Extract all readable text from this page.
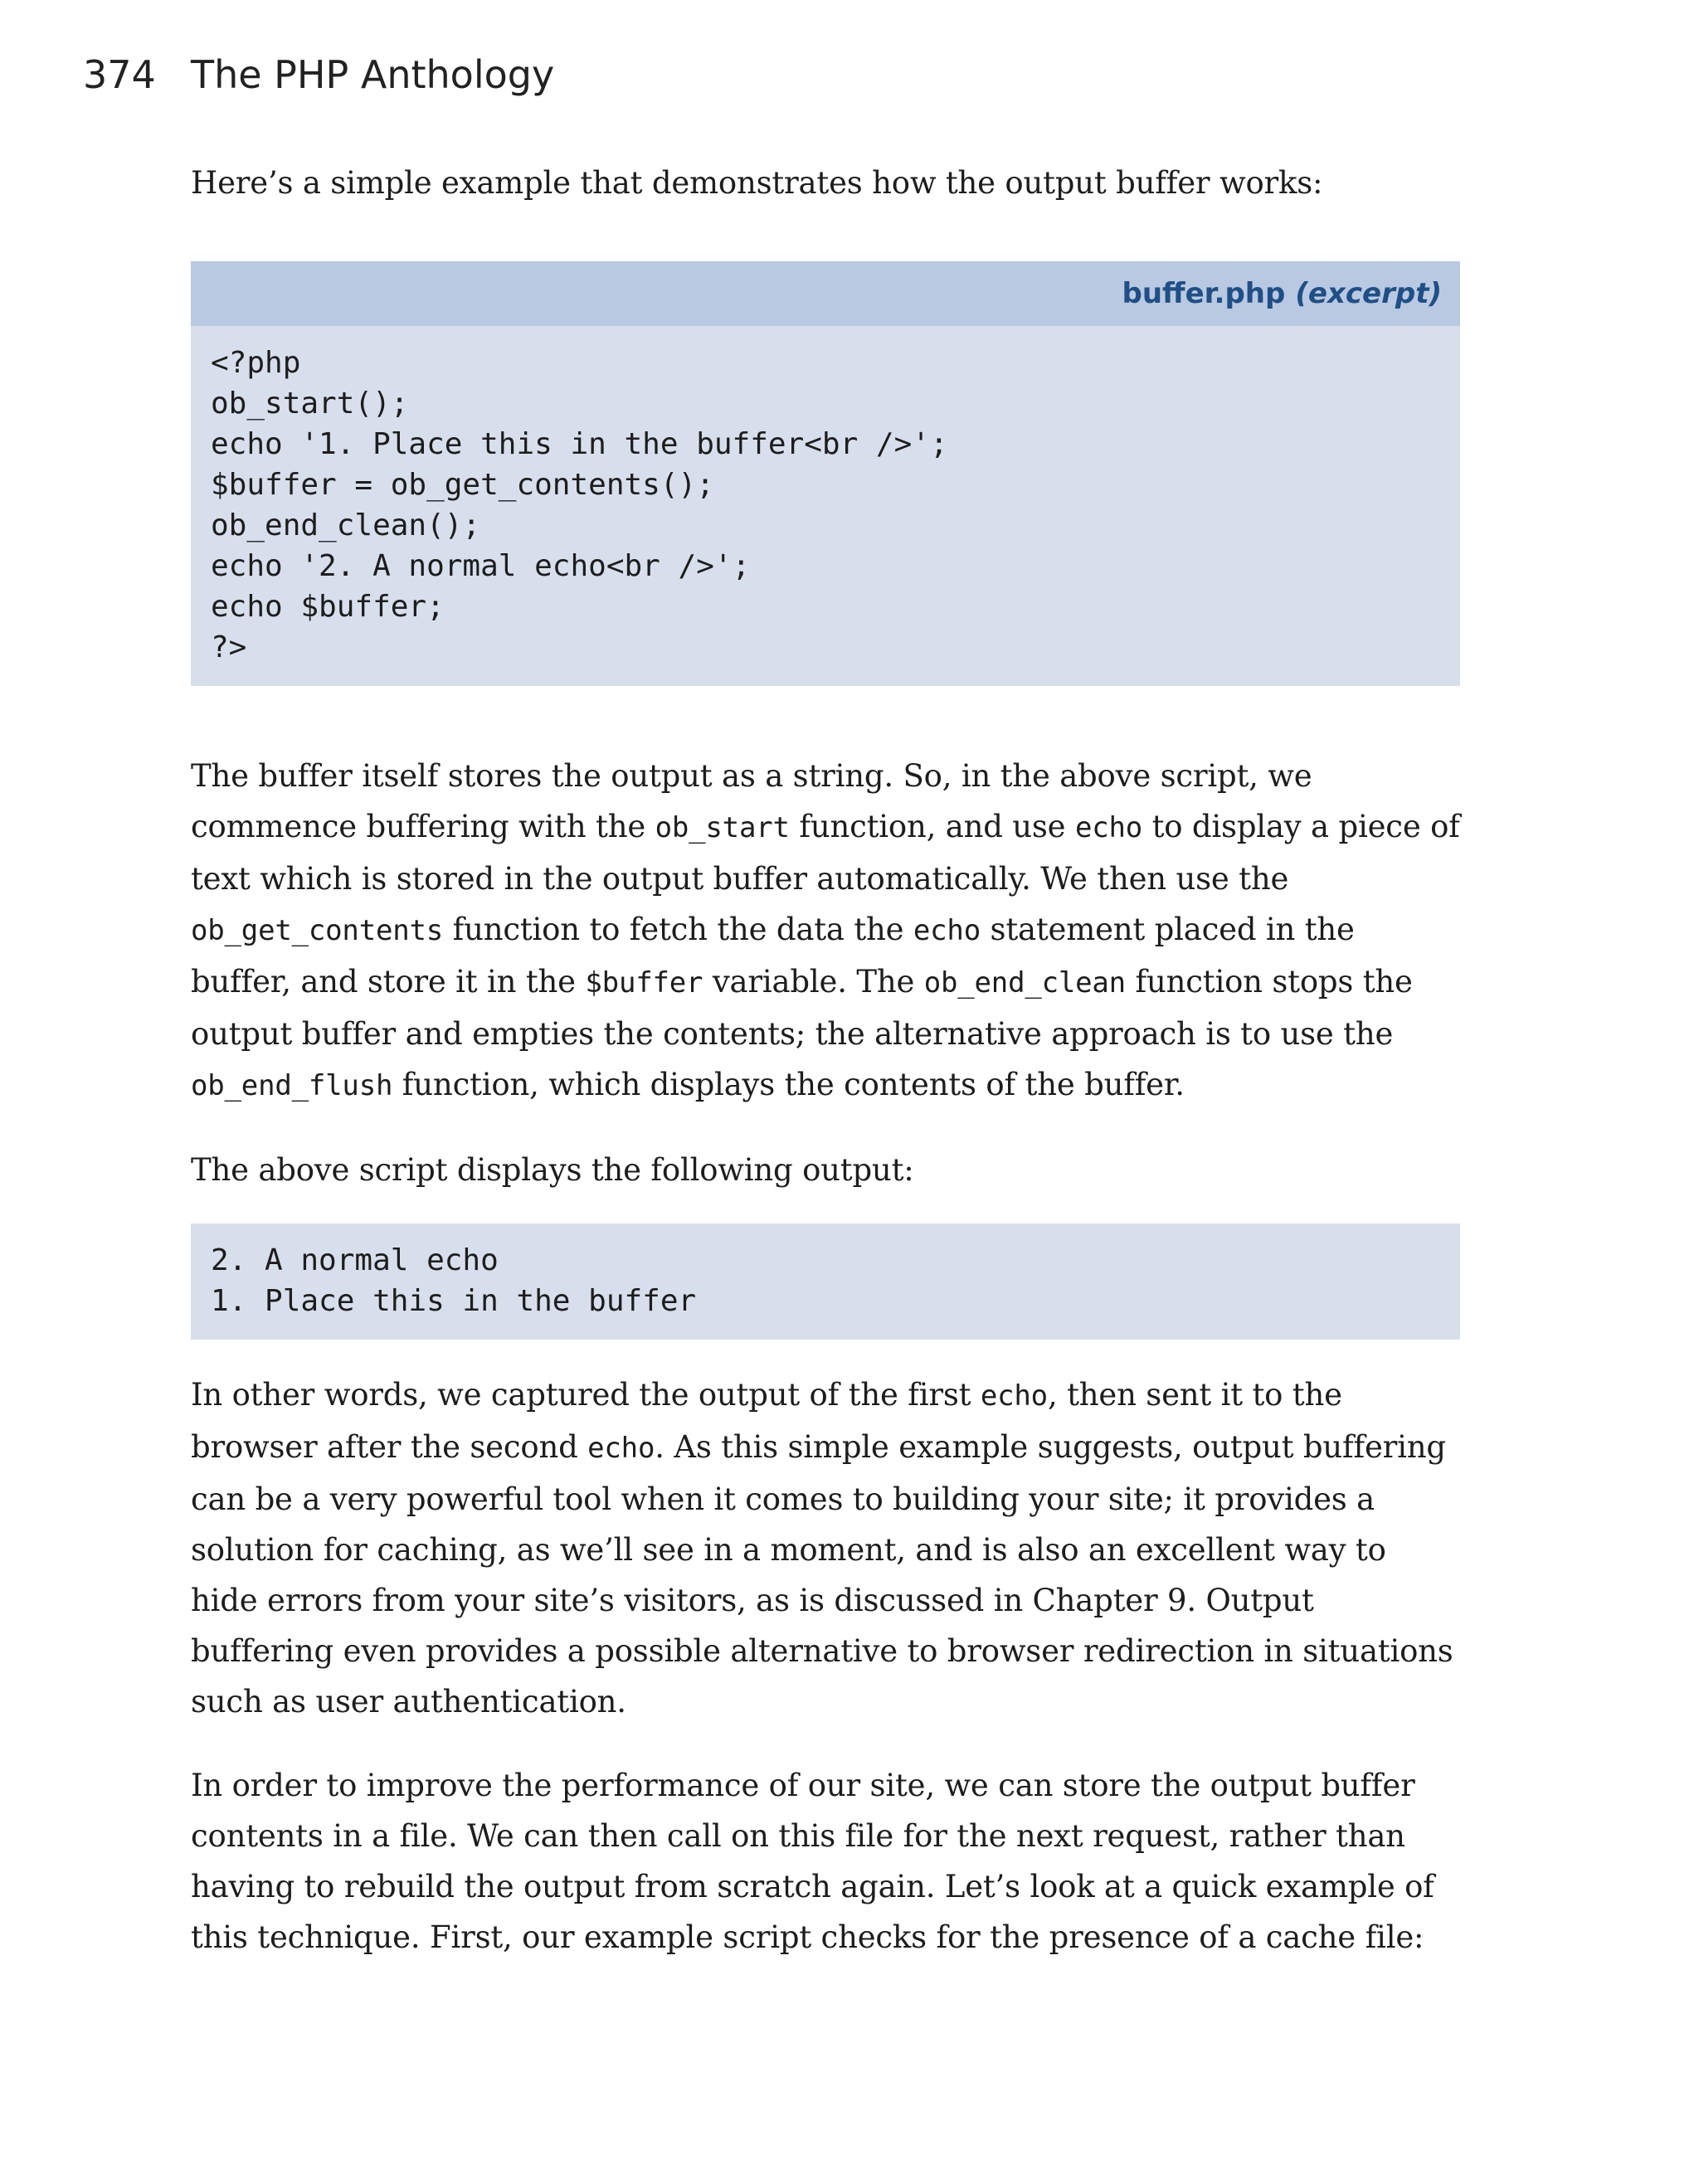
374 The PHP Anthology

Here’s a simple example that demonstrates how the output buffer works:

buffer.php (excerpt)
<?php
ob_start();
echo '1. Place this in the buffer<br />';
$buffer = ob_get_contents();
ob_end_clean();
echo '2. A normal echo<br />';
echo $buffer;
?>

The buffer itself stores the output as a string. So, in the above script, we commence buffering with the ob_start function, and use echo to display a piece of text which is stored in the output buffer automatically. We then use the ob_get_contents function to fetch the data the echo statement placed in the buffer, and store it in the $buffer variable. The ob_end_clean function stops the output buffer and empties the contents; the alternative approach is to use the ob_end_flush function, which displays the contents of the buffer.

The above script displays the following output:

2. A normal echo
1. Place this in the buffer

In other words, we captured the output of the first echo, then sent it to the browser after the second echo. As this simple example suggests, output buffering can be a very powerful tool when it comes to building your site; it provides a solution for caching, as we’ll see in a moment, and is also an excellent way to hide errors from your site’s visitors, as is discussed in Chapter 9. Output buffering even provides a possible alternative to browser redirection in situations such as user authentication.

In order to improve the performance of our site, we can store the output buffer contents in a file. We can then call on this file for the next request, rather than having to rebuild the output from scratch again. Let’s look at a quick example of this technique. First, our example script checks for the presence of a cache file:
